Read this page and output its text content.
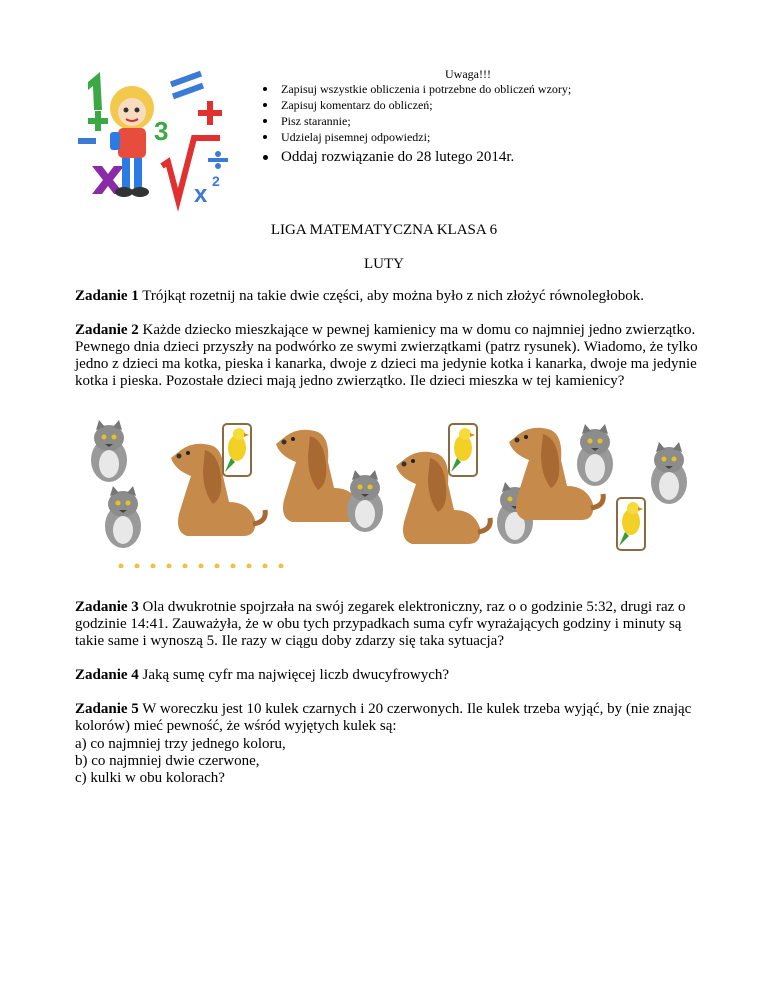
3
x 2
Uwaga!!!
Zapisuj wszystkie obliczenia i potrzebne do obliczeń wzory;
Zapisuj komentarz do obliczeń;
Pisz starannie;
Udzielaj pisemnej odpowiedzi;
Oddaj rozwiązanie do 28 lutego 2014r.
LIGA MATEMATYCZNA KLASA 6
LUTY

Zadanie 1 Trójkąt rozetnij na takie dwie części, aby można było z nich złożyć równoległobok.

Zadanie 2 Każde dziecko mieszkające w pewnej kamienicy ma w domu co najmniej jedno zwierzątko. Pewnego dnia dzieci przyszły na podwórko ze swymi zwierzątkami (patrz rysunek). Wiadomo, że tylko jedno z dzieci ma kotka, pieska i kanarka, dwoje z dzieci ma jedynie kotka i kanarka, dwoje ma jedynie kotka i pieska. Pozostałe dzieci mają jedno zwierzątko. Ile dzieci mieszka w tej kamienicy?

Zadanie 3 Ola dwukrotnie spojrzała na swój zegarek elektroniczny, raz o o godzinie 5:32, drugi raz o godzinie 14:41. Zauważyła, że w obu tych przypadkach suma cyfr wyrażających godziny i minuty są takie same i wynoszą 5. Ile razy w ciągu doby zdarzy się taka sytuacja?

Zadanie 4 Jaką sumę cyfr ma najwięcej liczb dwucyfrowych?

Zadanie 5 W woreczku jest 10 kulek czarnych i 20 czerwonych. Ile kulek trzeba wyjąć, by (nie znając kolorów) mieć pewność, że wśród wyjętych kulek są:

a) co najmniej trzy jednego koloru,
b) co najmniej dwie czerwone,
c) kulki w obu kolorach?
